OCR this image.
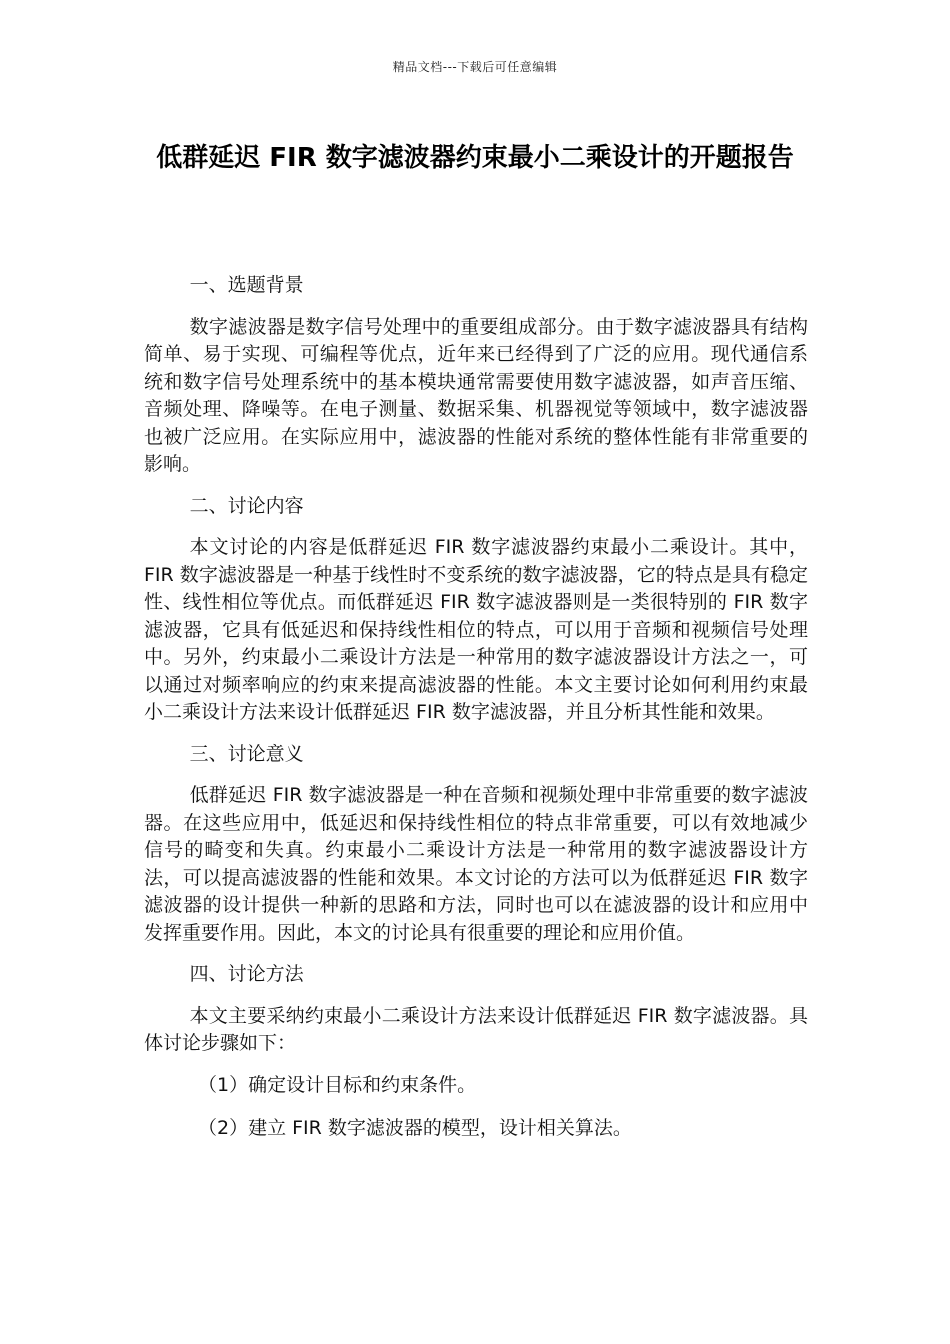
精品文档---下载后可任意编辑
低群延迟 FIR 数字滤波器约束最小二乘设计的开题报告

一、选题背景

数字滤波器是数字信号处理中的重要组成部分。由于数字滤波器具有结构简单、易于实现、可编程等优点，近年来已经得到了广泛的应用。现代通信系统和数字信号处理系统中的基本模块通常需要使用数字滤波器，如声音压缩、音频处理、降噪等。在电子测量、数据采集、机器视觉等领域中，数字滤波器也被广泛应用。在实际应用中，滤波器的性能对系统的整体性能有非常重要的影响。

二、讨论内容

本文讨论的内容是低群延迟 FIR 数字滤波器约束最小二乘设计。其中，FIR 数字滤波器是一种基于线性时不变系统的数字滤波器，它的特点是具有稳定性、线性相位等优点。而低群延迟 FIR 数字滤波器则是一类很特别的 FIR 数字滤波器，它具有低延迟和保持线性相位的特点，可以用于音频和视频信号处理中。另外，约束最小二乘设计方法是一种常用的数字滤波器设计方法之一，可以通过对频率响应的约束来提高滤波器的性能。本文主要讨论如何利用约束最小二乘设计方法来设计低群延迟 FIR 数字滤波器，并且分析其性能和效果。

三、讨论意义

低群延迟 FIR 数字滤波器是一种在音频和视频处理中非常重要的数字滤波器。在这些应用中，低延迟和保持线性相位的特点非常重要，可以有效地减少信号的畸变和失真。约束最小二乘设计方法是一种常用的数字滤波器设计方法，可以提高滤波器的性能和效果。本文讨论的方法可以为低群延迟 FIR 数字滤波器的设计提供一种新的思路和方法，同时也可以在滤波器的设计和应用中发挥重要作用。因此，本文的讨论具有很重要的理论和应用价值。

四、讨论方法

本文主要采纳约束最小二乘设计方法来设计低群延迟 FIR 数字滤波器。具体讨论步骤如下：

（1）确定设计目标和约束条件。

（2）建立 FIR 数字滤波器的模型，设计相关算法。
